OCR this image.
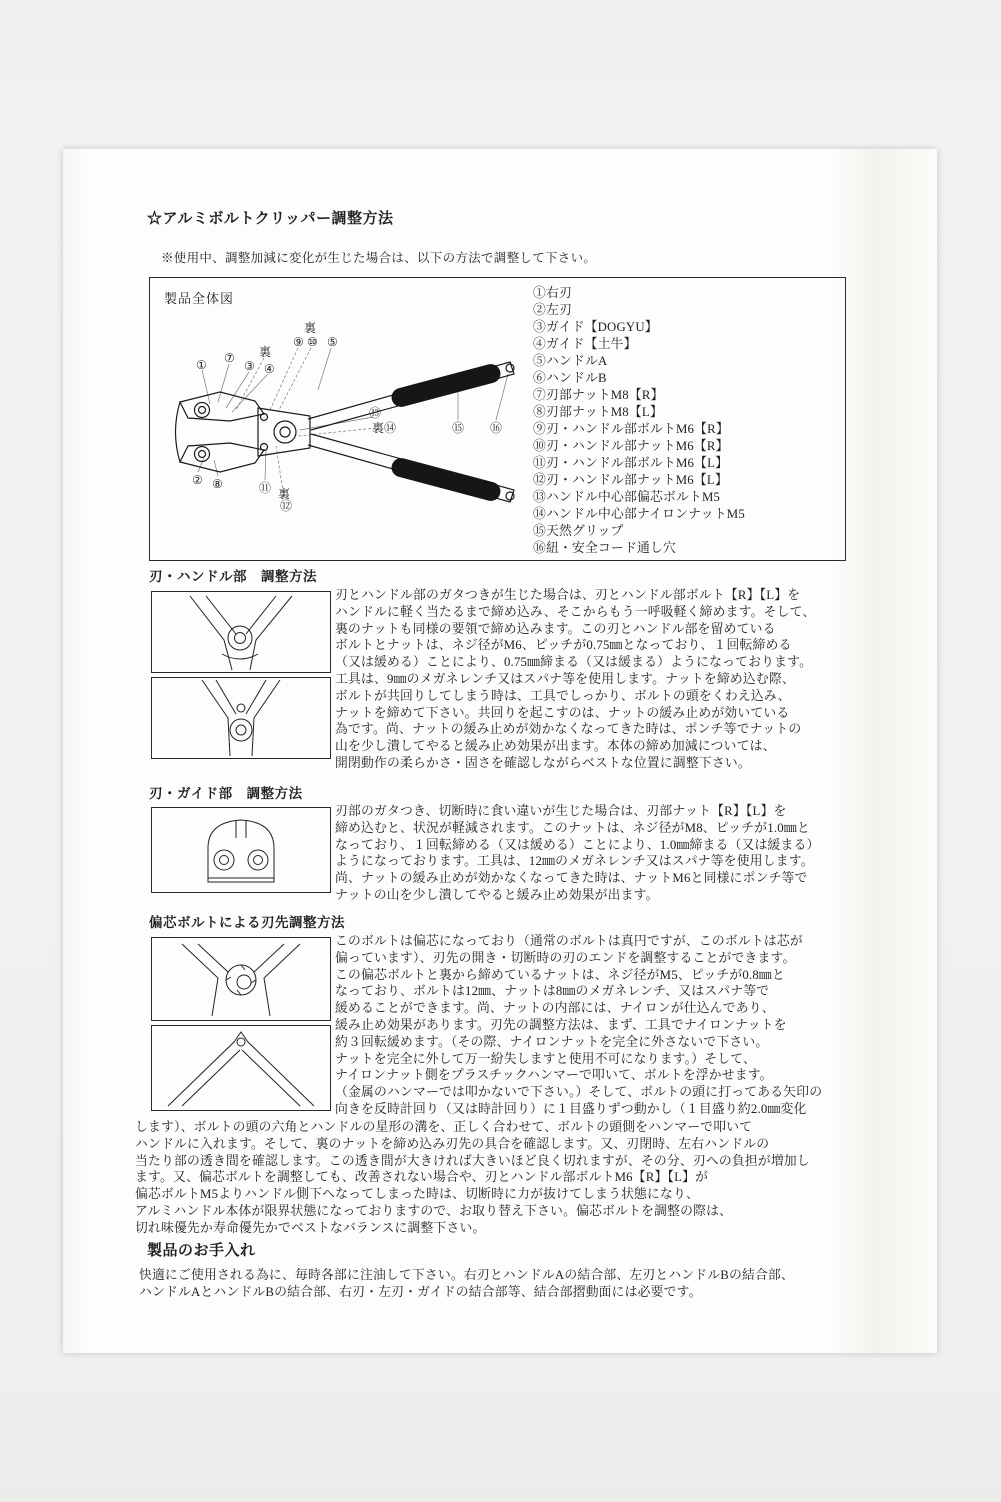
☆アルミボルトクリッパー調整方法
※使用中、調整加減に変化が生じた場合は、以下の方法で調整して下さい。
製品全体図
① ⑦
③ ④
裏
⑨ ⑩ ⑤
裏
⑬
裏⑭	⑮ ⑯
② ⑧	⑪ 裏
⑫
①右刃
②左刃
③ガイド【DOGYU】
④ガイド【土牛】
⑤ハンドルA
⑥ハンドルB
⑦刃部ナットM8【R】
⑧刃部ナットM8【L】
⑨刃・ハンドル部ボルトM6【R】
⑩刃・ハンドル部ナットM6【R】
⑪刃・ハンドル部ボルトM6【L】
⑫刃・ハンドル部ナットM6【L】
⑬ハンドル中心部偏芯ボルトM5
⑭ハンドル中心部ナイロンナットM5
⑮天然グリップ
⑯紐・安全コード通し穴
刃・ハンドル部　調整方法
刃とハンドル部のガタつきが生じた場合は、刃とハンドル部ボルト【R】【L】を
ハンドルに軽く当たるまで締め込み、そこからもう一呼吸軽く締めます。そして、
裏のナットも同様の要領で締め込みます。この刃とハンドル部を留めている
ボルトとナットは、ネジ径がM6、ピッチが0.75㎜となっており、１回転締める
（又は緩める）ことにより、0.75㎜締まる（又は緩まる）ようになっております。
工具は、9㎜のメガネレンチ又はスパナ等を使用します。ナットを締め込む際、
ボルトが共回りしてしまう時は、工具でしっかり、ボルトの頭をくわえ込み、
ナットを締めて下さい。共回りを起こすのは、ナットの緩み止めが効いている
為です。尚、ナットの緩み止めが効かなくなってきた時は、ポンチ等でナットの
山を少し潰してやると緩み止め効果が出ます。本体の締め加減については、
開閉動作の柔らかさ・固さを確認しながらベストな位置に調整下さい。
刃・ガイド部　調整方法
刃部のガタつき、切断時に食い違いが生じた場合は、刃部ナット【R】【L】を
締め込むと、状況が軽減されます。このナットは、ネジ径がM8、ピッチが1.0㎜と
なっており、１回転締める（又は緩める）ことにより、1.0㎜締まる（又は緩まる）
ようになっております。工具は、12㎜のメガネレンチ又はスパナ等を使用します。
尚、ナットの緩み止めが効かなくなってきた時は、ナットM6と同様にポンチ等で
ナットの山を少し潰してやると緩み止め効果が出ます。
偏芯ボルトによる刃先調整方法
このボルトは偏芯になっており（通常のボルトは真円ですが、このボルトは芯が
偏っています）、刃先の開き・切断時の刃のエンドを調整することができます。
この偏芯ボルトと裏から締めているナットは、ネジ径がM5、ピッチが0.8㎜と
なっており、ボルトは12㎜、ナットは8㎜のメガネレンチ、又はスパナ等で
緩めることができます。尚、ナットの内部には、ナイロンが仕込んであり、
緩み止め効果があります。刃先の調整方法は、まず、工具でナイロンナットを
約３回転緩めます。（その際、ナイロンナットを完全に外さないで下さい。
ナットを完全に外して万一紛失しますと使用不可になります。）そして、
ナイロンナット側をプラスチックハンマーで叩いて、ボルトを浮かせます。
（金属のハンマーでは叩かないで下さい。）そして、ボルトの頭に打ってある矢印の
向きを反時計回り（又は時計回り）に１目盛りずつ動かし（１目盛り約2.0㎜変化
します）、ボルトの頭の六角とハンドルの星形の溝を、正しく合わせて、ボルトの頭側をハンマーで叩いて
ハンドルに入れます。そして、裏のナットを締め込み刃先の具合を確認します。又、刃閉時、左右ハンドルの
当たり部の透き間を確認します。この透き間が大きければ大きいほど良く切れますが、その分、刃への負担が増加し
ます。又、偏芯ボルトを調整しても、改善されない場合や、刃とハンドル部ボルトM6【R】【L】が
偏芯ボルトM5よりハンドル側下へなってしまった時は、切断時に力が抜けてしまう状態になり、
アルミハンドル本体が限界状態になっておりますので、お取り替え下さい。偏芯ボルトを調整の際は、
切れ味優先か寿命優先かでベストなバランスに調整下さい。
製品のお手入れ
快適にご使用される為に、毎時各部に注油して下さい。右刃とハンドルAの結合部、左刃とハンドルBの結合部、
ハンドルAとハンドルBの結合部、右刃・左刃・ガイドの結合部等、結合部摺動面には必要です。
